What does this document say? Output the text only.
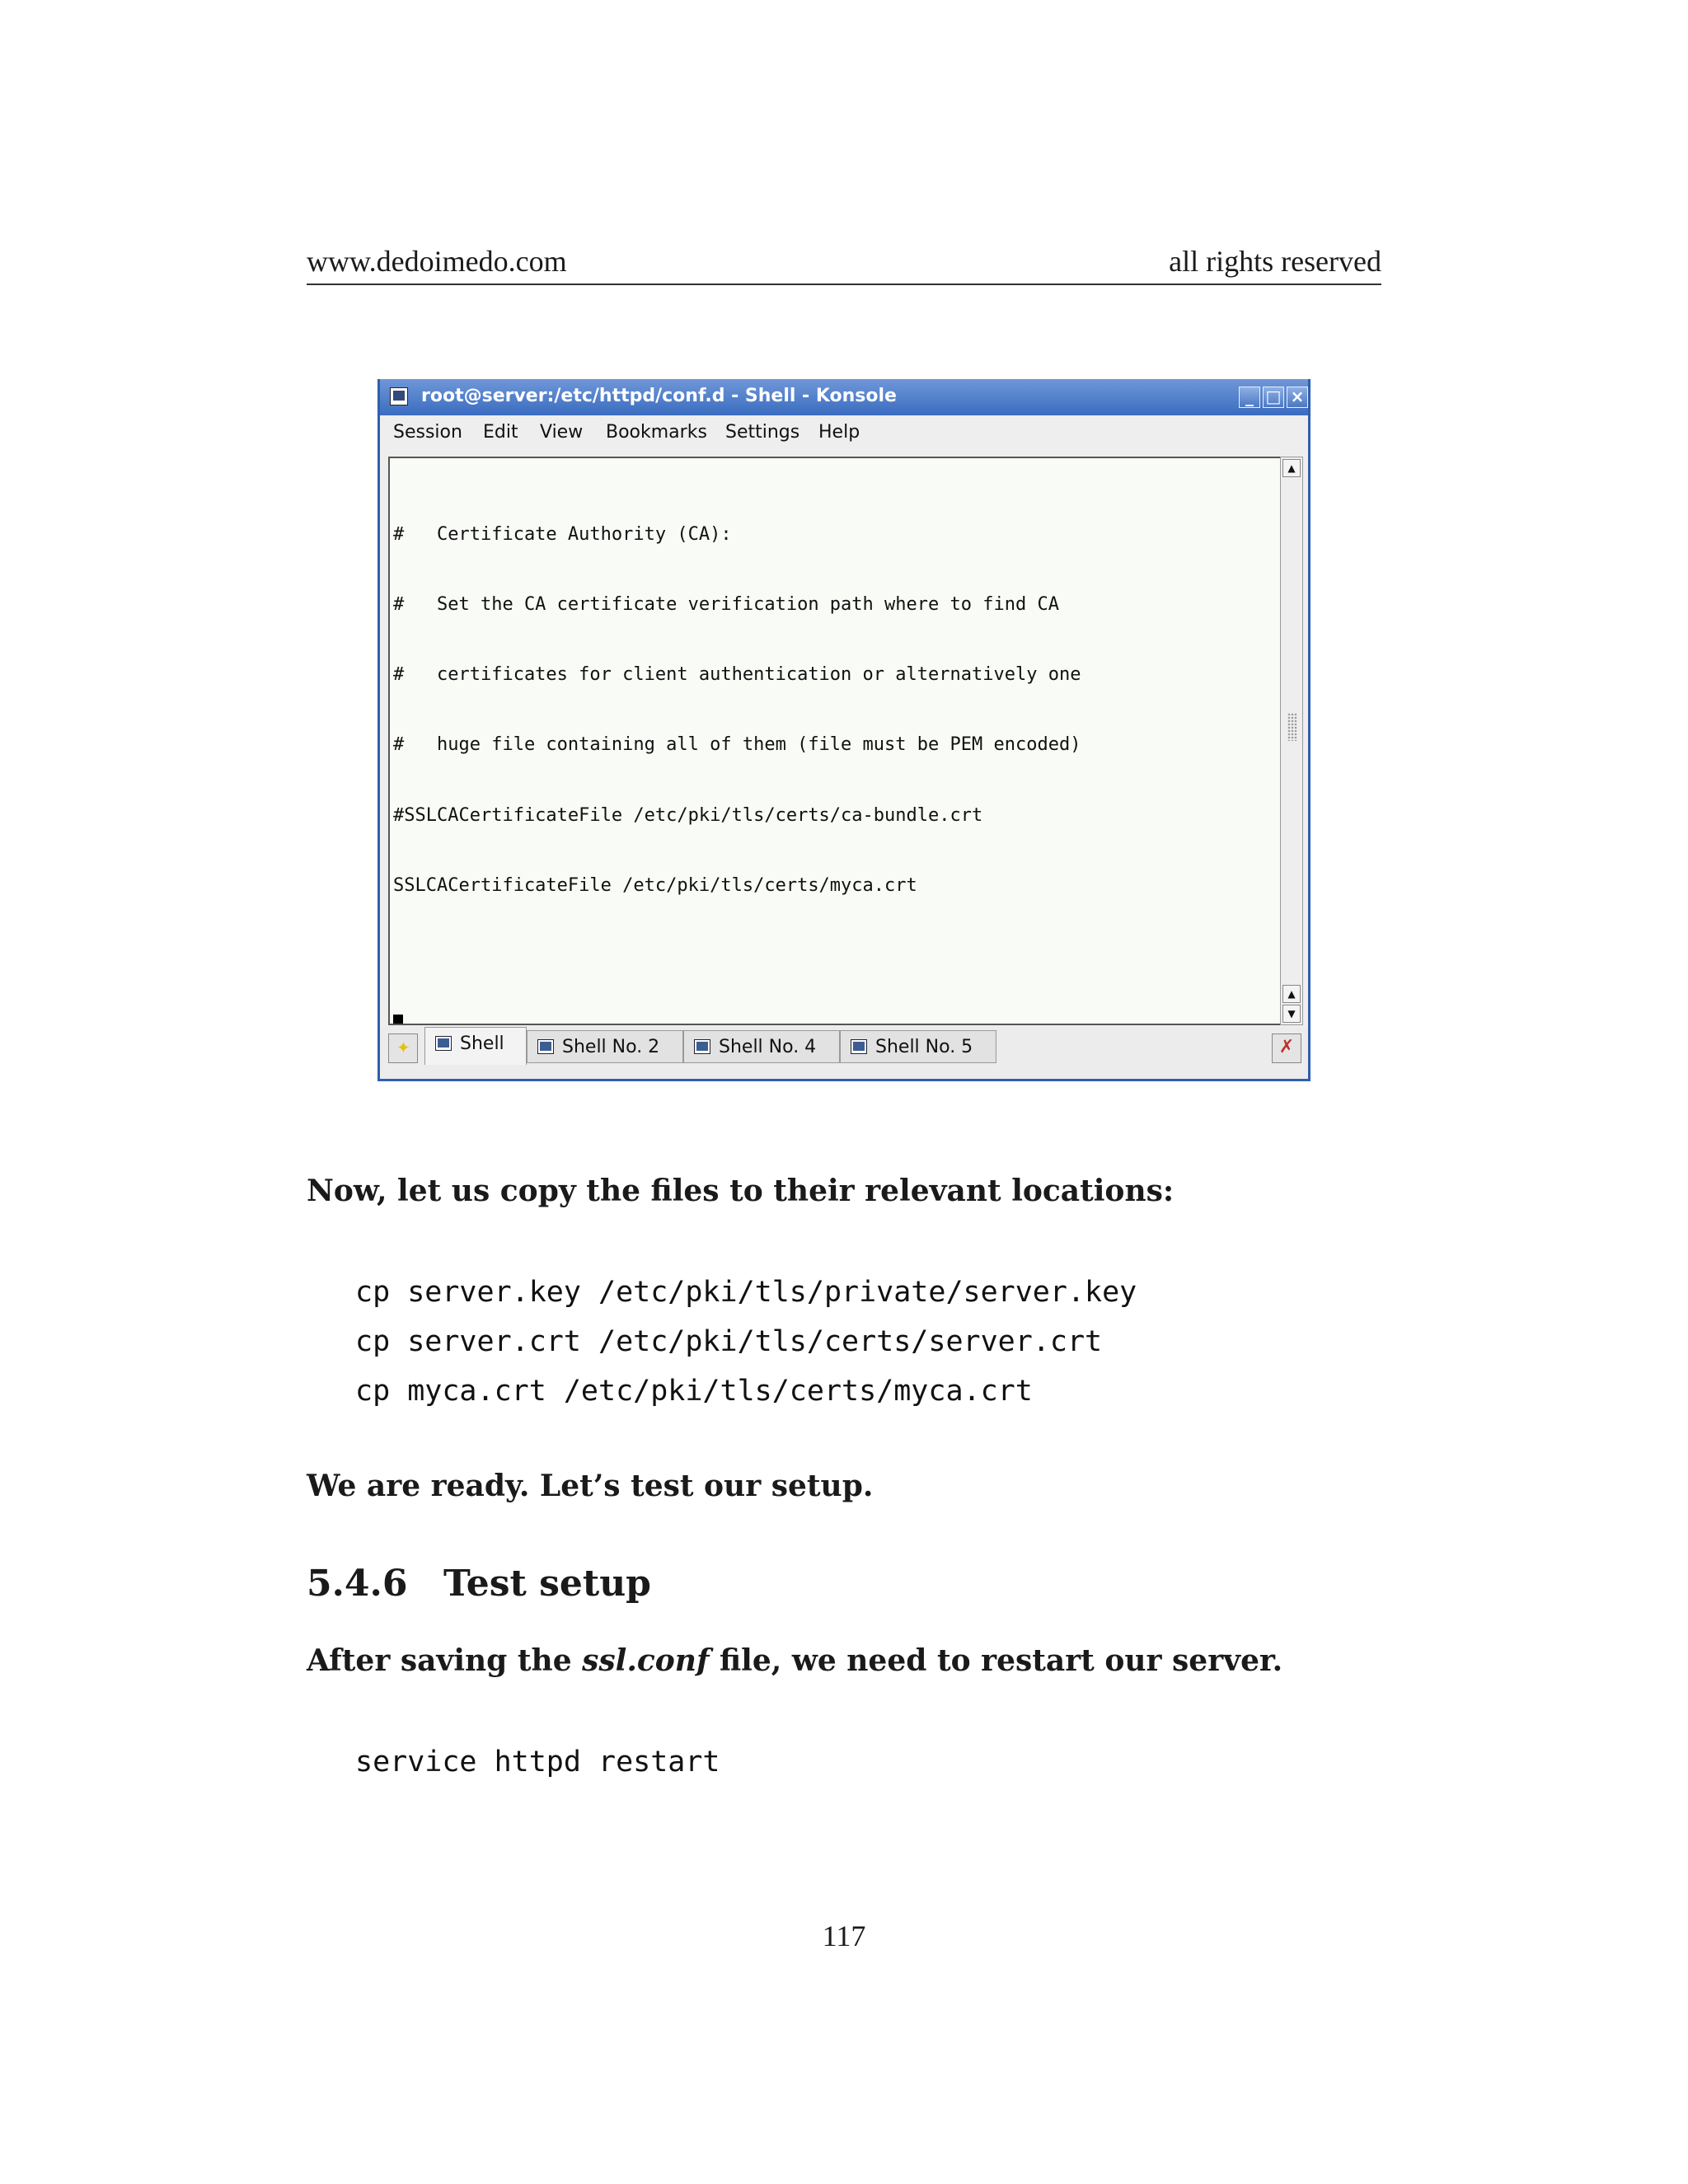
www.dedoimedo.com	all rights reserved
root@server:/etc/httpd/conf.d - Shell - Konsole	_ □ ×
Session Edit View Bookmarks Settings Help

#   Certificate Authority (CA):

#   Set the CA certificate verification path where to find CA

#   certificates for client authentication or alternatively one

#   huge file containing all of them (file must be PEM encoded)

#SSLCACertificateFile /etc/pki/tls/certs/ca-bundle.crt

SSLCACertificateFile /etc/pki/tls/certs/myca.crt

▲
▲
▼
✦
Shell	Shell No. 2	Shell No. 4	Shell No. 5	✗
Now, let us copy the files to their relevant locations:
cp server.key /etc/pki/tls/private/server.key
cp server.crt /etc/pki/tls/certs/server.crt
cp myca.crt /etc/pki/tls/certs/myca.crt
We are ready. Let’s test our setup.
5.4.6 Test setup
After saving the ssl.conf file, we need to restart our server.
service httpd restart
117
